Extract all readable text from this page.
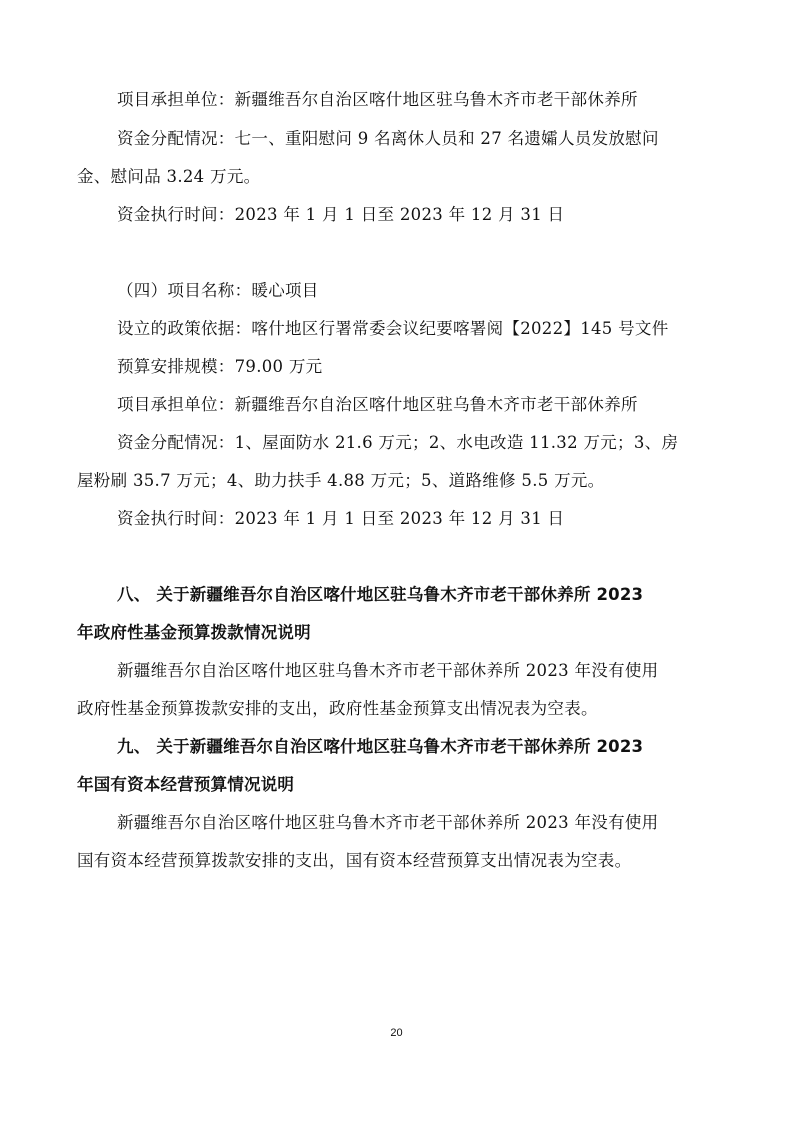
项目承担单位：新疆维吾尔自治区喀什地区驻乌鲁木齐市老干部休养所
资金分配情况：七一、重阳慰问 9 名离休人员和 27 名遗孀人员发放慰问
金、慰问品 3.24 万元。
资金执行时间：2023 年 1 月 1 日至 2023 年 12 月 31 日
（四）项目名称：暖心项目
设立的政策依据：喀什地区行署常委会议纪要喀署阅【2022】145 号文件
预算安排规模：79.00 万元
项目承担单位：新疆维吾尔自治区喀什地区驻乌鲁木齐市老干部休养所
资金分配情况：1、屋面防水 21.6 万元；2、水电改造 11.32 万元；3、房
屋粉刷 35.7 万元；4、助力扶手 4.88 万元；5、道路维修 5.5 万元。
资金执行时间：2023 年 1 月 1 日至 2023 年 12 月 31 日
八、 关于新疆维吾尔自治区喀什地区驻乌鲁木齐市老干部休养所 2023
年政府性基金预算拨款情况说明
新疆维吾尔自治区喀什地区驻乌鲁木齐市老干部休养所 2023 年没有使用
政府性基金预算拨款安排的支出，政府性基金预算支出情况表为空表。
九、 关于新疆维吾尔自治区喀什地区驻乌鲁木齐市老干部休养所 2023
年国有资本经营预算情况说明
新疆维吾尔自治区喀什地区驻乌鲁木齐市老干部休养所 2023 年没有使用
国有资本经营预算拨款安排的支出，国有资本经营预算支出情况表为空表。
20
